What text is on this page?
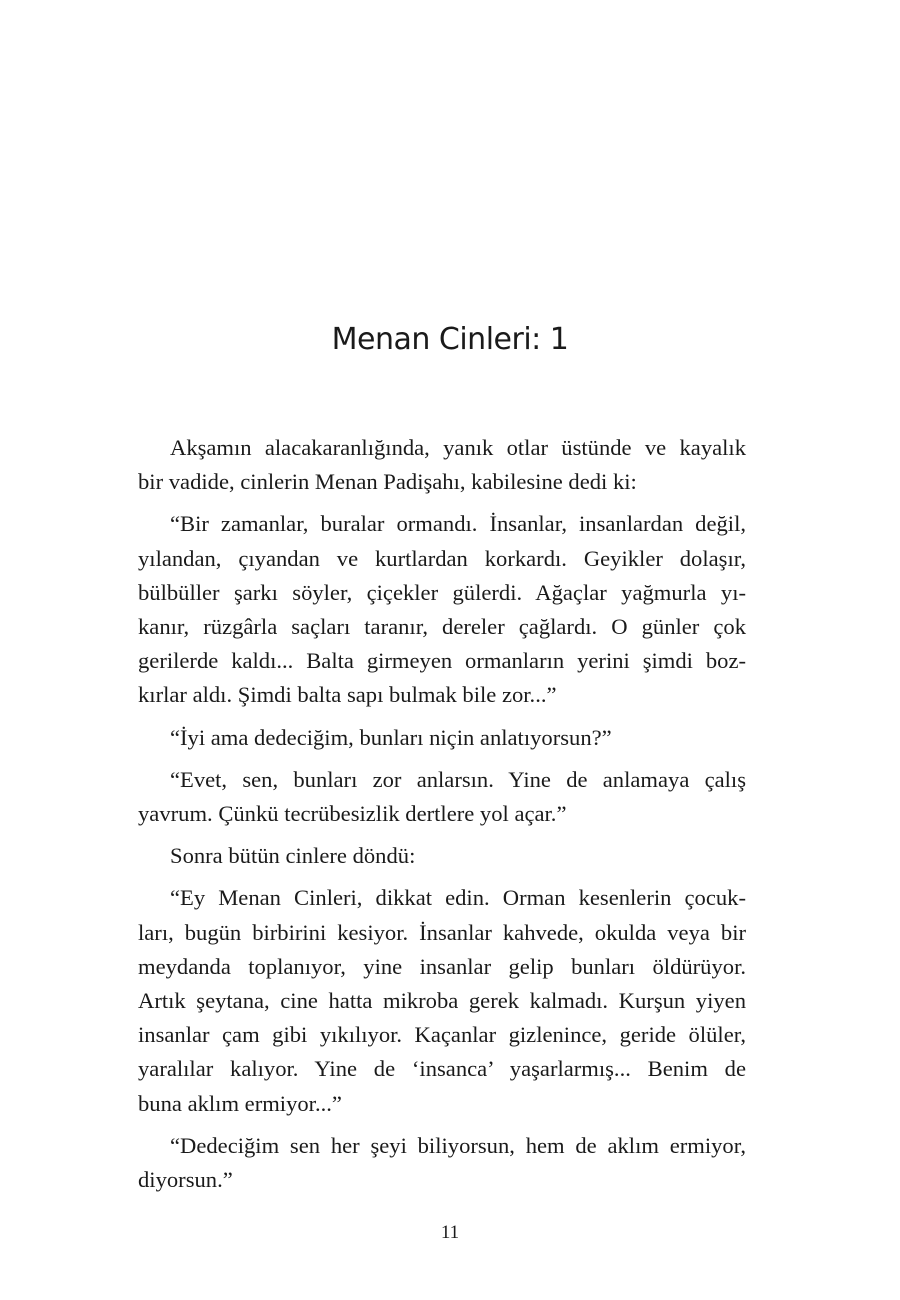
Menan Cinleri: 1
Akşamın alacakaranlığında, yanık otlar üstünde ve kayalık
bir vadide, cinlerin Menan Padişahı, kabilesine dedi ki:
“Bir zamanlar, buralar ormandı. İnsanlar, insanlardan değil,
yılandan, çıyandan ve kurtlardan korkardı. Geyikler dolaşır,
bülbüller şarkı söyler, çiçekler gülerdi. Ağaçlar yağmurla yı-
kanır, rüzgârla saçları taranır, dereler çağlardı. O günler çok
gerilerde kaldı... Balta girmeyen ormanların yerini şimdi boz-
kırlar aldı. Şimdi balta sapı bulmak bile zor...”
“İyi ama dedeciğim, bunları niçin anlatıyorsun?”
“Evet, sen, bunları zor anlarsın. Yine de anlamaya çalış
yavrum. Çünkü tecrübesizlik dertlere yol açar.”
Sonra bütün cinlere döndü:
“Ey Menan Cinleri, dikkat edin. Orman kesenlerin çocuk-
ları, bugün birbirini kesiyor. İnsanlar kahvede, okulda veya bir
meydanda toplanıyor, yine insanlar gelip bunları öldürüyor.
Artık şeytana, cine hatta mikroba gerek kalmadı. Kurşun yiyen
insanlar çam gibi yıkılıyor. Kaçanlar gizlenince, geride ölüler,
yaralılar kalıyor. Yine de ‘insanca’ yaşarlarmış... Benim de
buna aklım ermiyor...”
“Dedeciğim sen her şeyi biliyorsun, hem de aklım ermiyor,
diyorsun.”
11
